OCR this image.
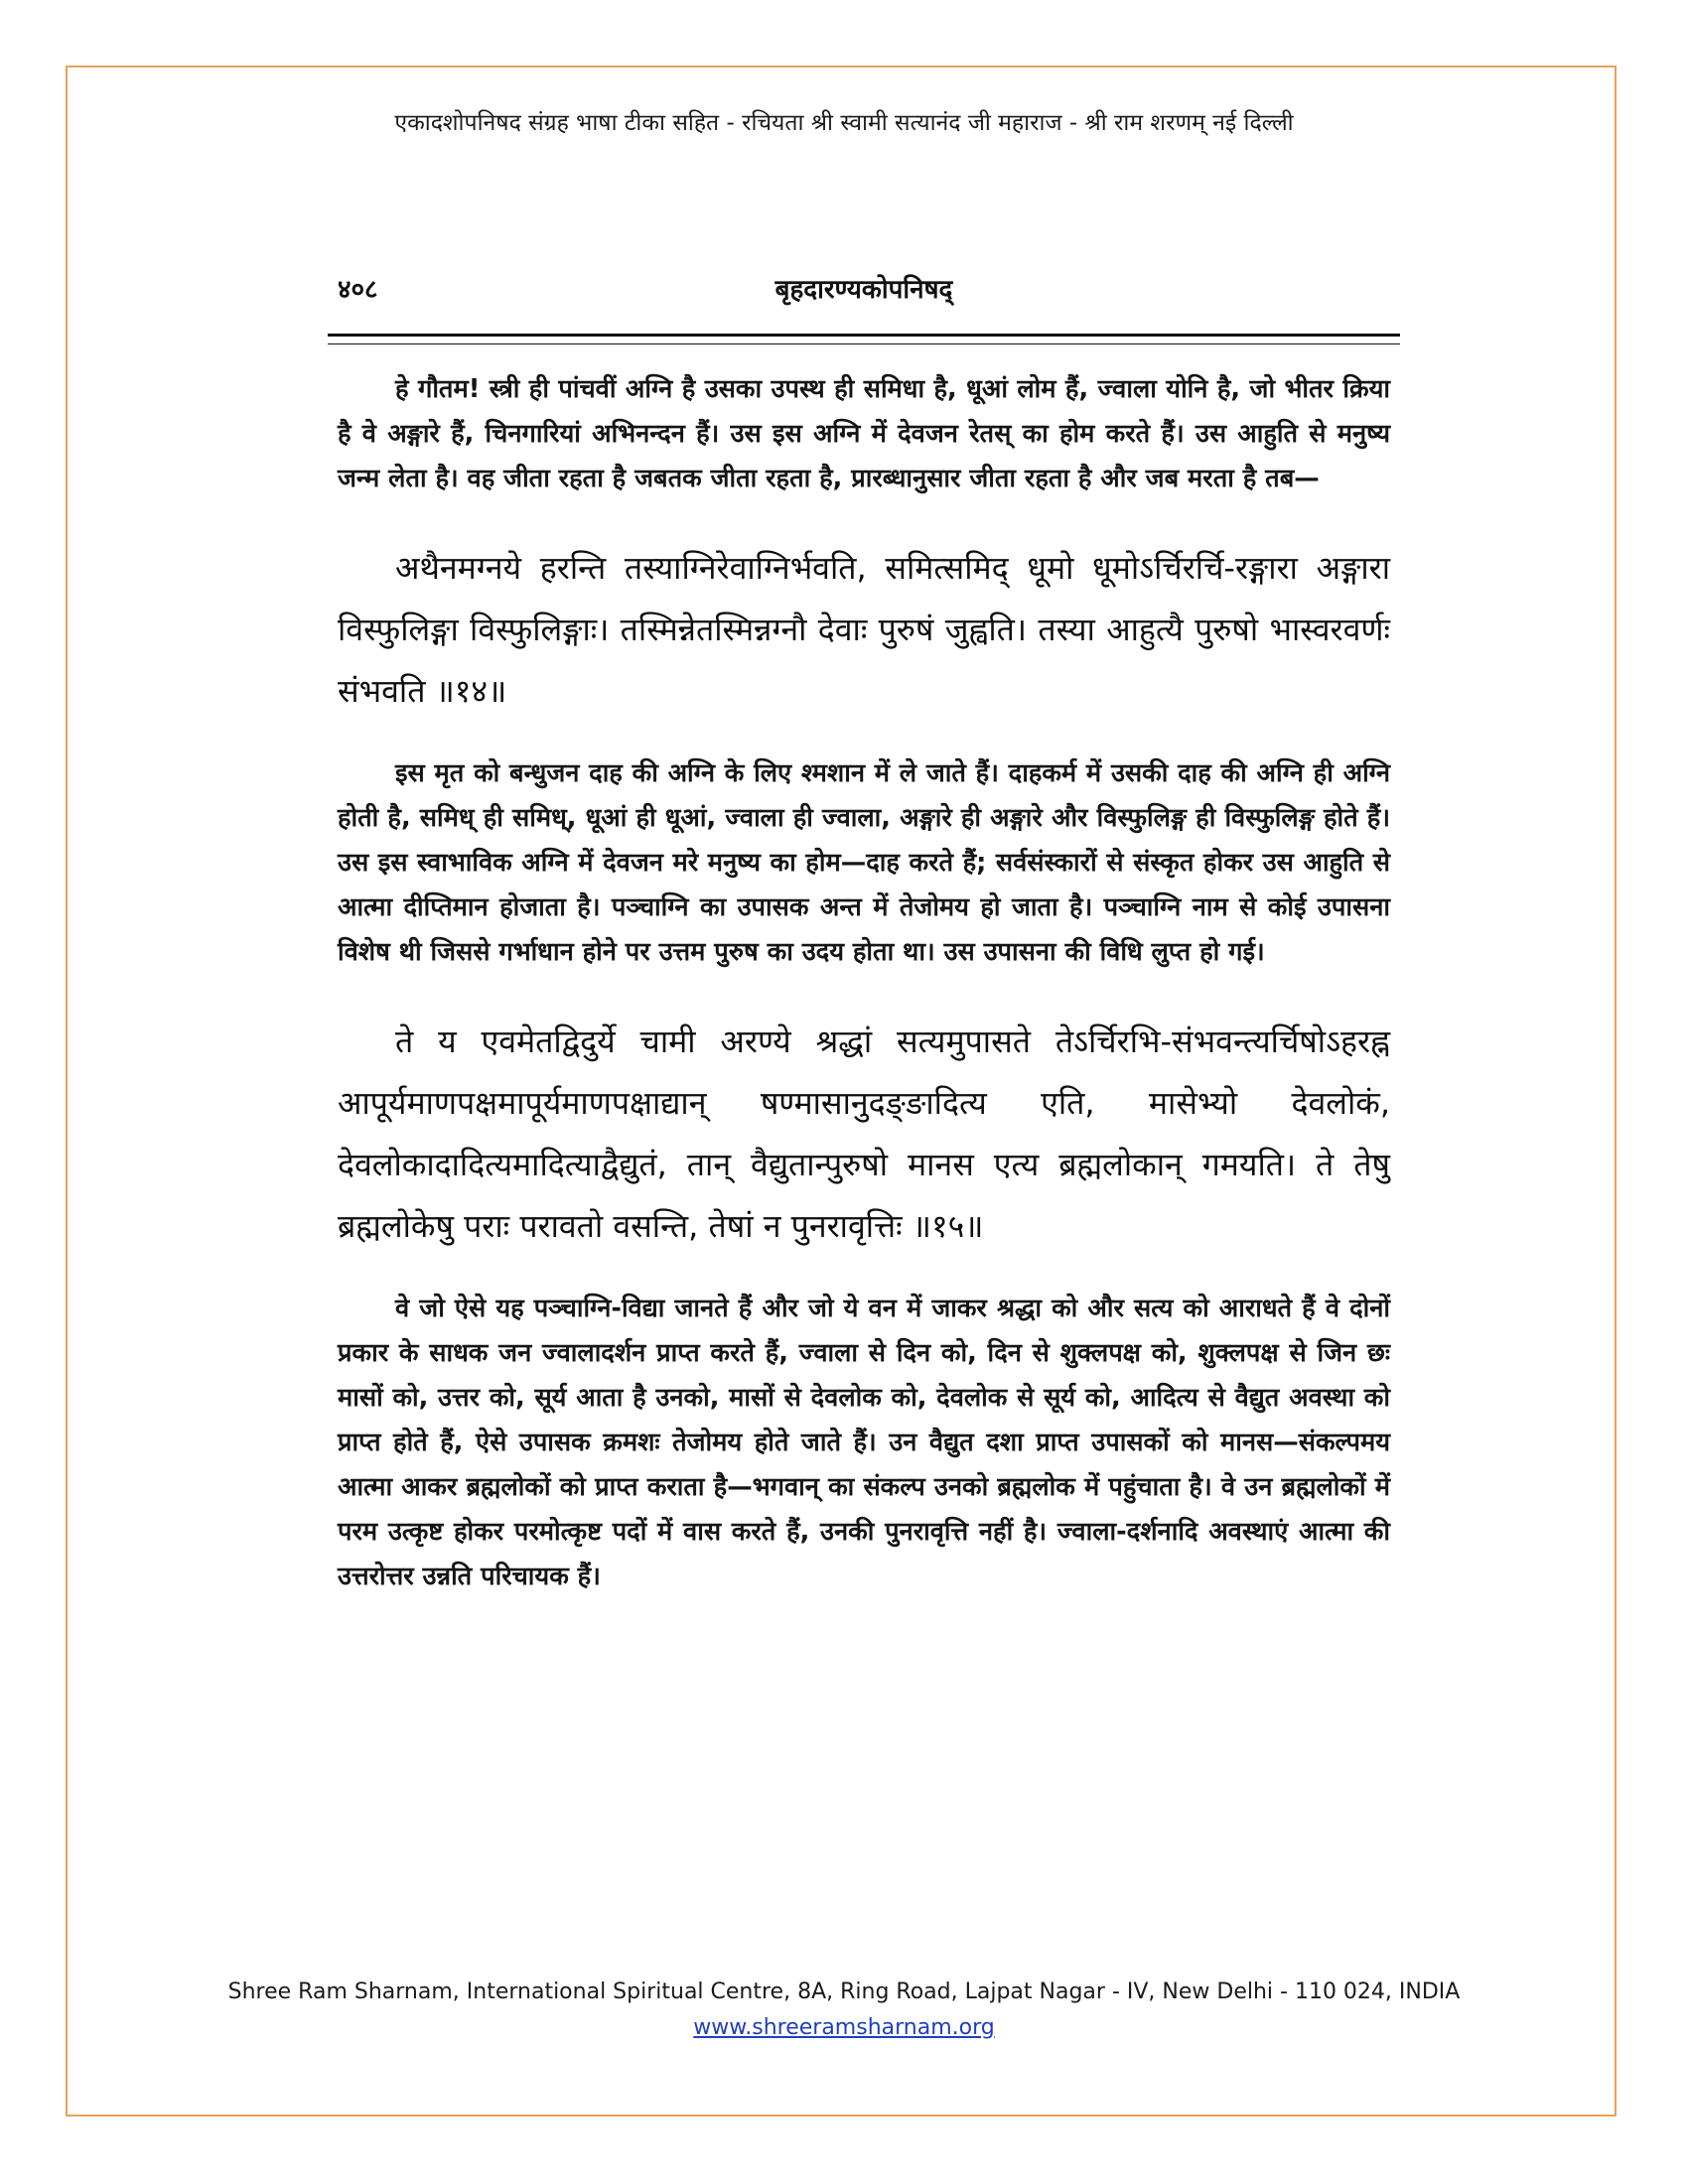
एकादशोपनिषद संग्रह भाषा टीका सहित - रचियता श्री स्वामी सत्यानंद जी महाराज - श्री राम शरणम् नई दिल्ली
४०८	बृहदारण्यकोपनिषद्

हे गौतम! स्त्री ही पांचवीं अग्नि है उसका उपस्थ ही समिधा है, धूआं लोम हैं, ज्वाला योनि है, जो भीतर क्रिया है वे अङ्गारे हैं, चिनगारियां अभिनन्दन हैं। उस इस अग्नि में देवजन रेतस् का होम करते हैं। उस आहुति से मनुष्य जन्म लेता है। वह जीता रहता है जबतक जीता रहता है, प्रारब्धानुसार जीता रहता है और जब मरता है तब—

अथैनमग्नये हरन्ति तस्याग्निरेवाग्निर्भवति, समित्समिद् धूमो धूमोऽर्चिरर्चि-रङ्गारा अङ्गारा विस्फुलिङ्गा विस्फुलिङ्गाः। तस्मिन्नेतस्मिन्नग्नौ देवाः पुरुषं जुह्वति। तस्या आहुत्यै पुरुषो भास्वरवर्णः संभवति ॥१४॥

इस मृत को बन्धुजन दाह की अग्नि के लिए श्मशान में ले जाते हैं। दाहकर्म में उसकी दाह की अग्नि ही अग्नि होती है, समिध् ही समिध्, धूआं ही धूआं, ज्वाला ही ज्वाला, अङ्गारे ही अङ्गारे और विस्फुलिङ्ग ही विस्फुलिङ्ग होते हैं। उस इस स्वाभाविक अग्नि में देवजन मरे मनुष्य का होम—दाह करते हैं; सर्वसंस्कारों से संस्कृत होकर उस आहुति से आत्मा दीप्तिमान होजाता है। पञ्चाग्नि का उपासक अन्त में तेजोमय हो जाता है। पञ्चाग्नि नाम से कोई उपासना विशेष थी जिससे गर्भाधान होने पर उत्तम पुरुष का उदय होता था। उस उपासना की विधि लुप्त हो गई।

ते य एवमेतद्विदुर्ये चामी अरण्ये श्रद्धां सत्यमुपासते तेऽर्चिरभि-संभवन्त्यर्चिषोऽहरह्न आपूर्यमाणपक्षमापूर्यमाणपक्षाद्यान् षण्मासानुदङ्ङादित्य एति, मासेभ्यो देवलोकं, देवलोकादादित्यमादित्याद्वैद्युतं, तान् वैद्युतान्पुरुषो मानस एत्य ब्रह्मलोकान् गमयति। ते तेषु ब्रह्मलोकेषु पराः परावतो वसन्ति, तेषां न पुनरावृत्तिः ॥१५॥

वे जो ऐसे यह पञ्चाग्नि-विद्या जानते हैं और जो ये वन में जाकर श्रद्धा को और सत्य को आराधते हैं वे दोनों प्रकार के साधक जन ज्वालादर्शन प्राप्त करते हैं, ज्वाला से दिन को, दिन से शुक्लपक्ष को, शुक्लपक्ष से जिन छः मासों को, उत्तर को, सूर्य आता है उनको, मासों से देवलोक को, देवलोक से सूर्य को, आदित्य से वैद्युत अवस्था को प्राप्त होते हैं, ऐसे उपासक क्रमशः तेजोमय होते जाते हैं। उन वैद्युत दशा प्राप्त उपासकों को मानस—संकल्पमय आत्मा आकर ब्रह्मलोकों को प्राप्त कराता है—भगवान् का संकल्प उनको ब्रह्मलोक में पहुंचाता है। वे उन ब्रह्मलोकों में परम उत्कृष्ट होकर परमोत्कृष्ट पदों में वास करते हैं, उनकी पुनरावृत्ति नहीं है। ज्वाला-दर्शनादि अवस्थाएं आत्मा की उत्तरोत्तर उन्नति परिचायक हैं।

Shree Ram Sharnam, International Spiritual Centre, 8A, Ring Road, Lajpat Nagar - IV, New Delhi - 110 024, INDIA
www.shreeramsharnam.org
